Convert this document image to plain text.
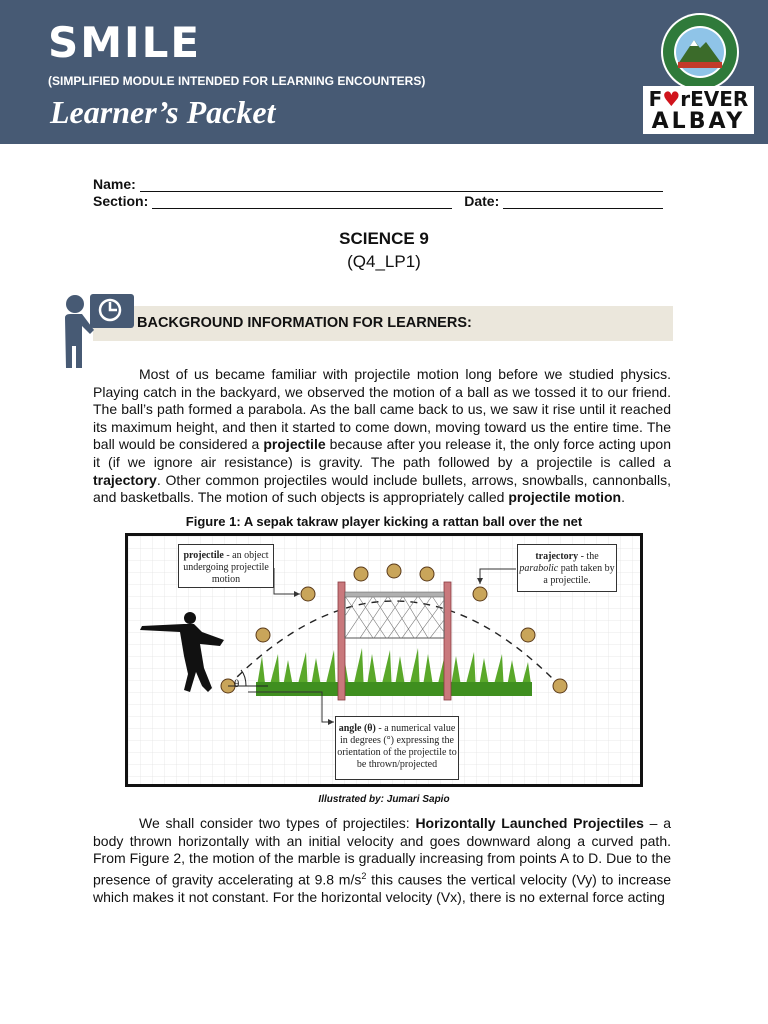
SMILE
(SIMPLIFIED MODULE INTENDED FOR LEARNING ENCOUNTERS)
Learner’s Packet	F♥rEVER
ALBAY
Name:
Section:	Date:
SCIENCE 9
(Q4_LP1)
BACKGROUND INFORMATION FOR LEARNERS:
Most of us became familiar with projectile motion long before we studied physics. Playing catch in the backyard, we observed the motion of a ball as we tossed it to our friend. The ball’s path formed a parabola. As the ball came back to us, we saw it rise until it reached its maximum height, and then it started to come down, moving toward us the entire time. The ball would be considered a projectile because after you release it, the only force acting upon it (if we ignore air resistance) is gravity. The path followed by a projectile is called a trajectory. Other common projectiles would include bullets, arrows, snowballs, cannonballs, and basketballs. The motion of such objects is appropriately called projectile motion.
Figure 1: A sepak takraw player kicking a rattan ball over the net
projectile - an object undergoing projectile motion
trajectory - the parabolic path taken by a projectile.
angle (θ) - a numerical value in degrees (°) expressing the orientation of the projectile to be thrown/projected
θ
Illustrated by: Jumari Sapio
We shall consider two types of projectiles: Horizontally Launched Projectiles – a body thrown horizontally with an initial velocity and goes downward along a curved path. From Figure 2, the motion of the marble is gradually increasing from points A to D. Due to the presence of gravity accelerating at 9.8 $m/s^2$ this causes the vertical velocity (Vy) to increase which makes it not constant. For the horizontal velocity (Vx), there is no external force acting
